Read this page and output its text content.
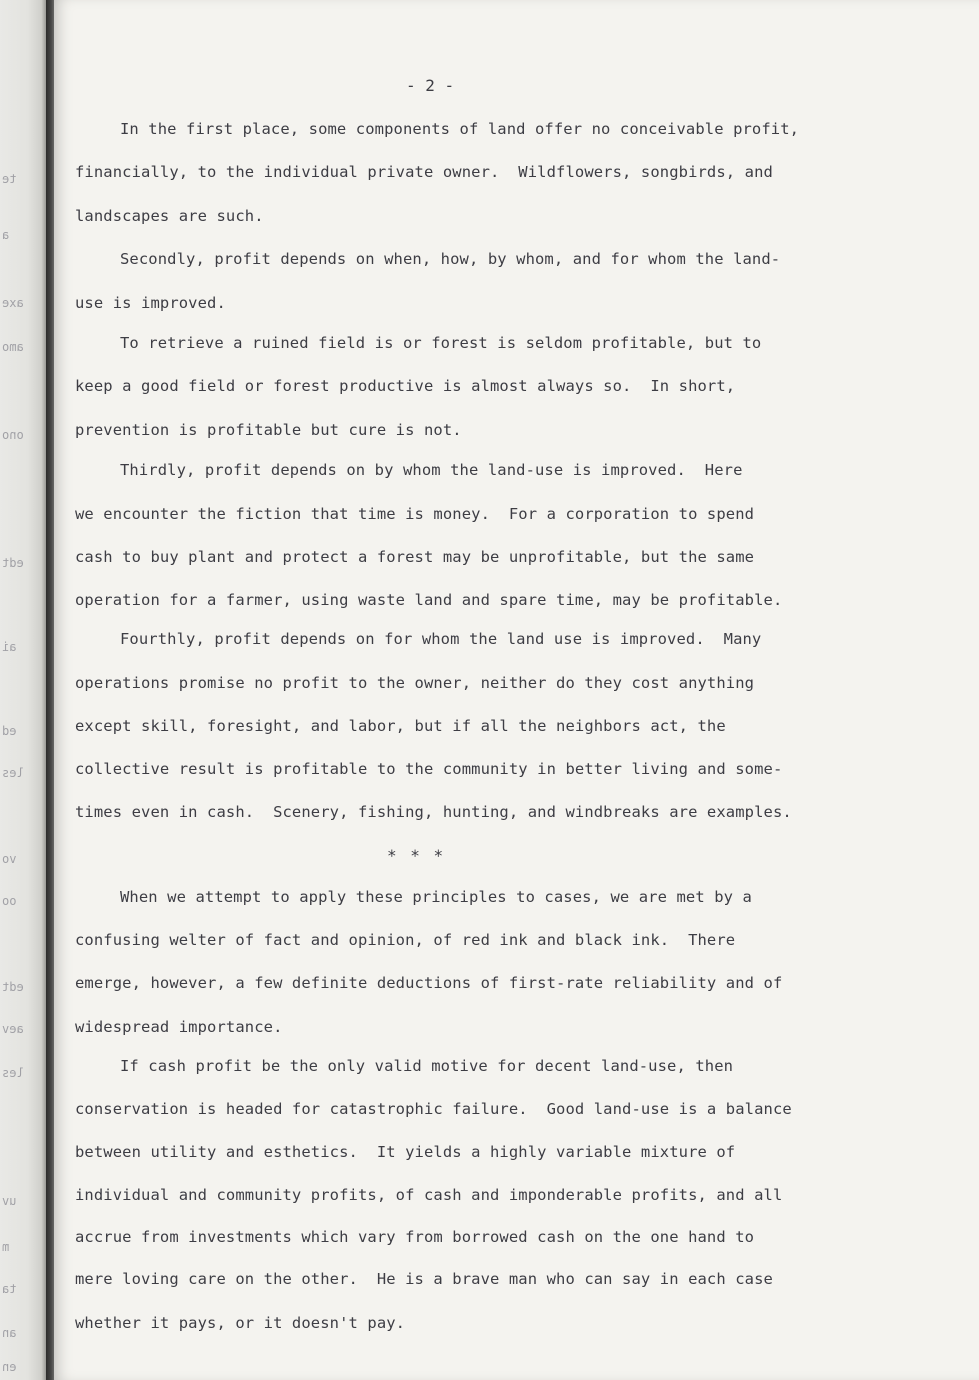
te
a
axe
amo
ono
edt
ai
ed
les
vo
oo
edt
aev
les
uv
m
ta
an
en
- 2 -
In the first place, some components of land offer no conceivable profit,
financially, to the individual private owner.  Wildflowers, songbirds, and
landscapes are such.
Secondly, profit depends on when, how, by whom, and for whom the land-
use is improved.
To retrieve a ruined field is or forest is seldom profitable, but to
keep a good field or forest productive is almost always so.  In short,
prevention is profitable but cure is not.
Thirdly, profit depends on by whom the land-use is improved.  Here
we encounter the fiction that time is money.  For a corporation to spend
cash to buy plant and protect a forest may be unprofitable, but the same
operation for a farmer, using waste land and spare time, may be profitable.
Fourthly, profit depends on for whom the land use is improved.  Many
operations promise no profit to the owner, neither do they cost anything
except skill, foresight, and labor, but if all the neighbors act, the
collective result is profitable to the community in better living and some-
times even in cash.  Scenery, fishing, hunting, and windbreaks are examples.
* * *
When we attempt to apply these principles to cases, we are met by a
confusing welter of fact and opinion, of red ink and black ink.  There
emerge, however, a few definite deductions of first-rate reliability and of
widespread importance.
If cash profit be the only valid motive for decent land-use, then
conservation is headed for catastrophic failure.  Good land-use is a balance
between utility and esthetics.  It yields a highly variable mixture of
individual and community profits, of cash and imponderable profits, and all
accrue from investments which vary from borrowed cash on the one hand to
mere loving care on the other.  He is a brave man who can say in each case
whether it pays, or it doesn't pay.
